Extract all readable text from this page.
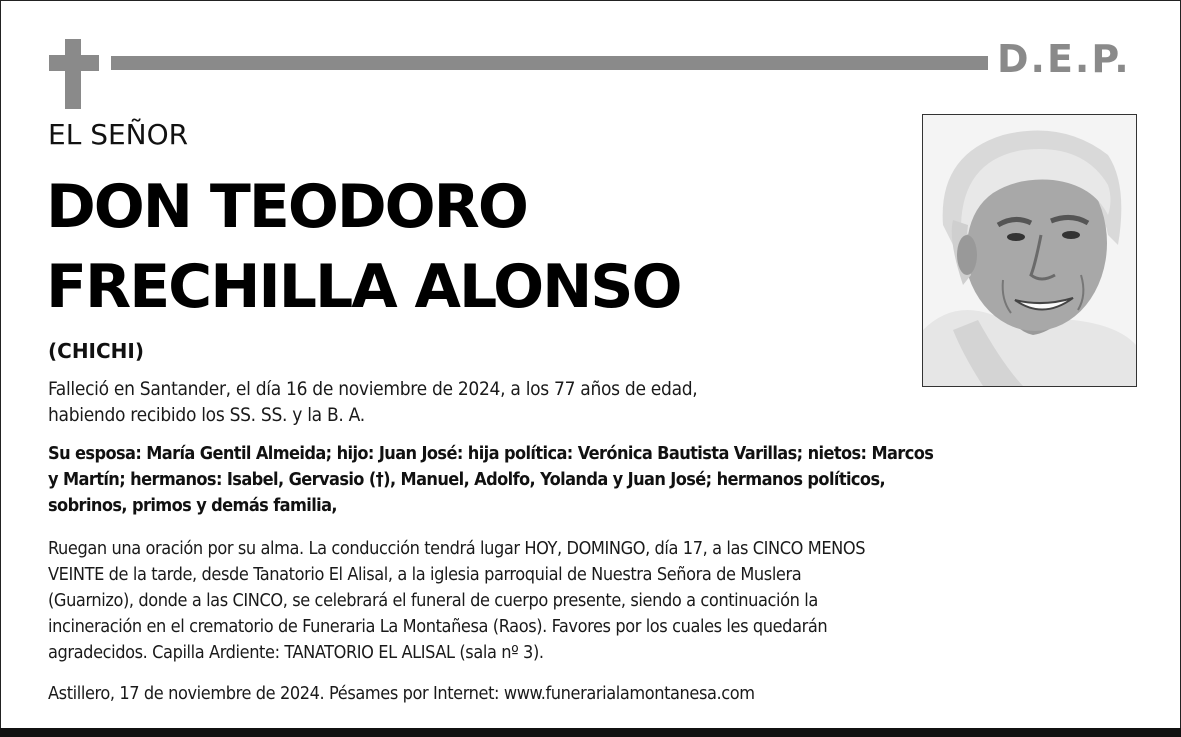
D.E.P.
EL SEÑOR
DON TEODORO
FRECHILLA ALONSO
(CHICHI)
Falleció en Santander, el día 16 de noviembre de 2024, a los 77 años de edad,
habiendo recibido los SS. SS. y la B. A.
Su esposa: María Gentil Almeida; hijo: Juan José: hija política: Verónica Bautista Varillas; nietos: Marcos
y Martín; hermanos: Isabel, Gervasio (†), Manuel, Adolfo, Yolanda y Juan José; hermanos políticos,
sobrinos, primos y demás familia,
Ruegan una oración por su alma. La conducción tendrá lugar HOY, DOMINGO, día 17, a las CINCO MENOS
VEINTE de la tarde, desde Tanatorio El Alisal, a la iglesia parroquial de Nuestra Señora de Muslera
(Guarnizo), donde a las CINCO, se celebrará el funeral de cuerpo presente, siendo a continuación la
incineración en el crematorio de Funeraria La Montañesa (Raos). Favores por los cuales les quedarán
agradecidos. Capilla Ardiente: TANATORIO EL ALISAL (sala nº 3).
Astillero, 17 de noviembre de 2024. Pésames por Internet: www.funerarialamontanesa.com
